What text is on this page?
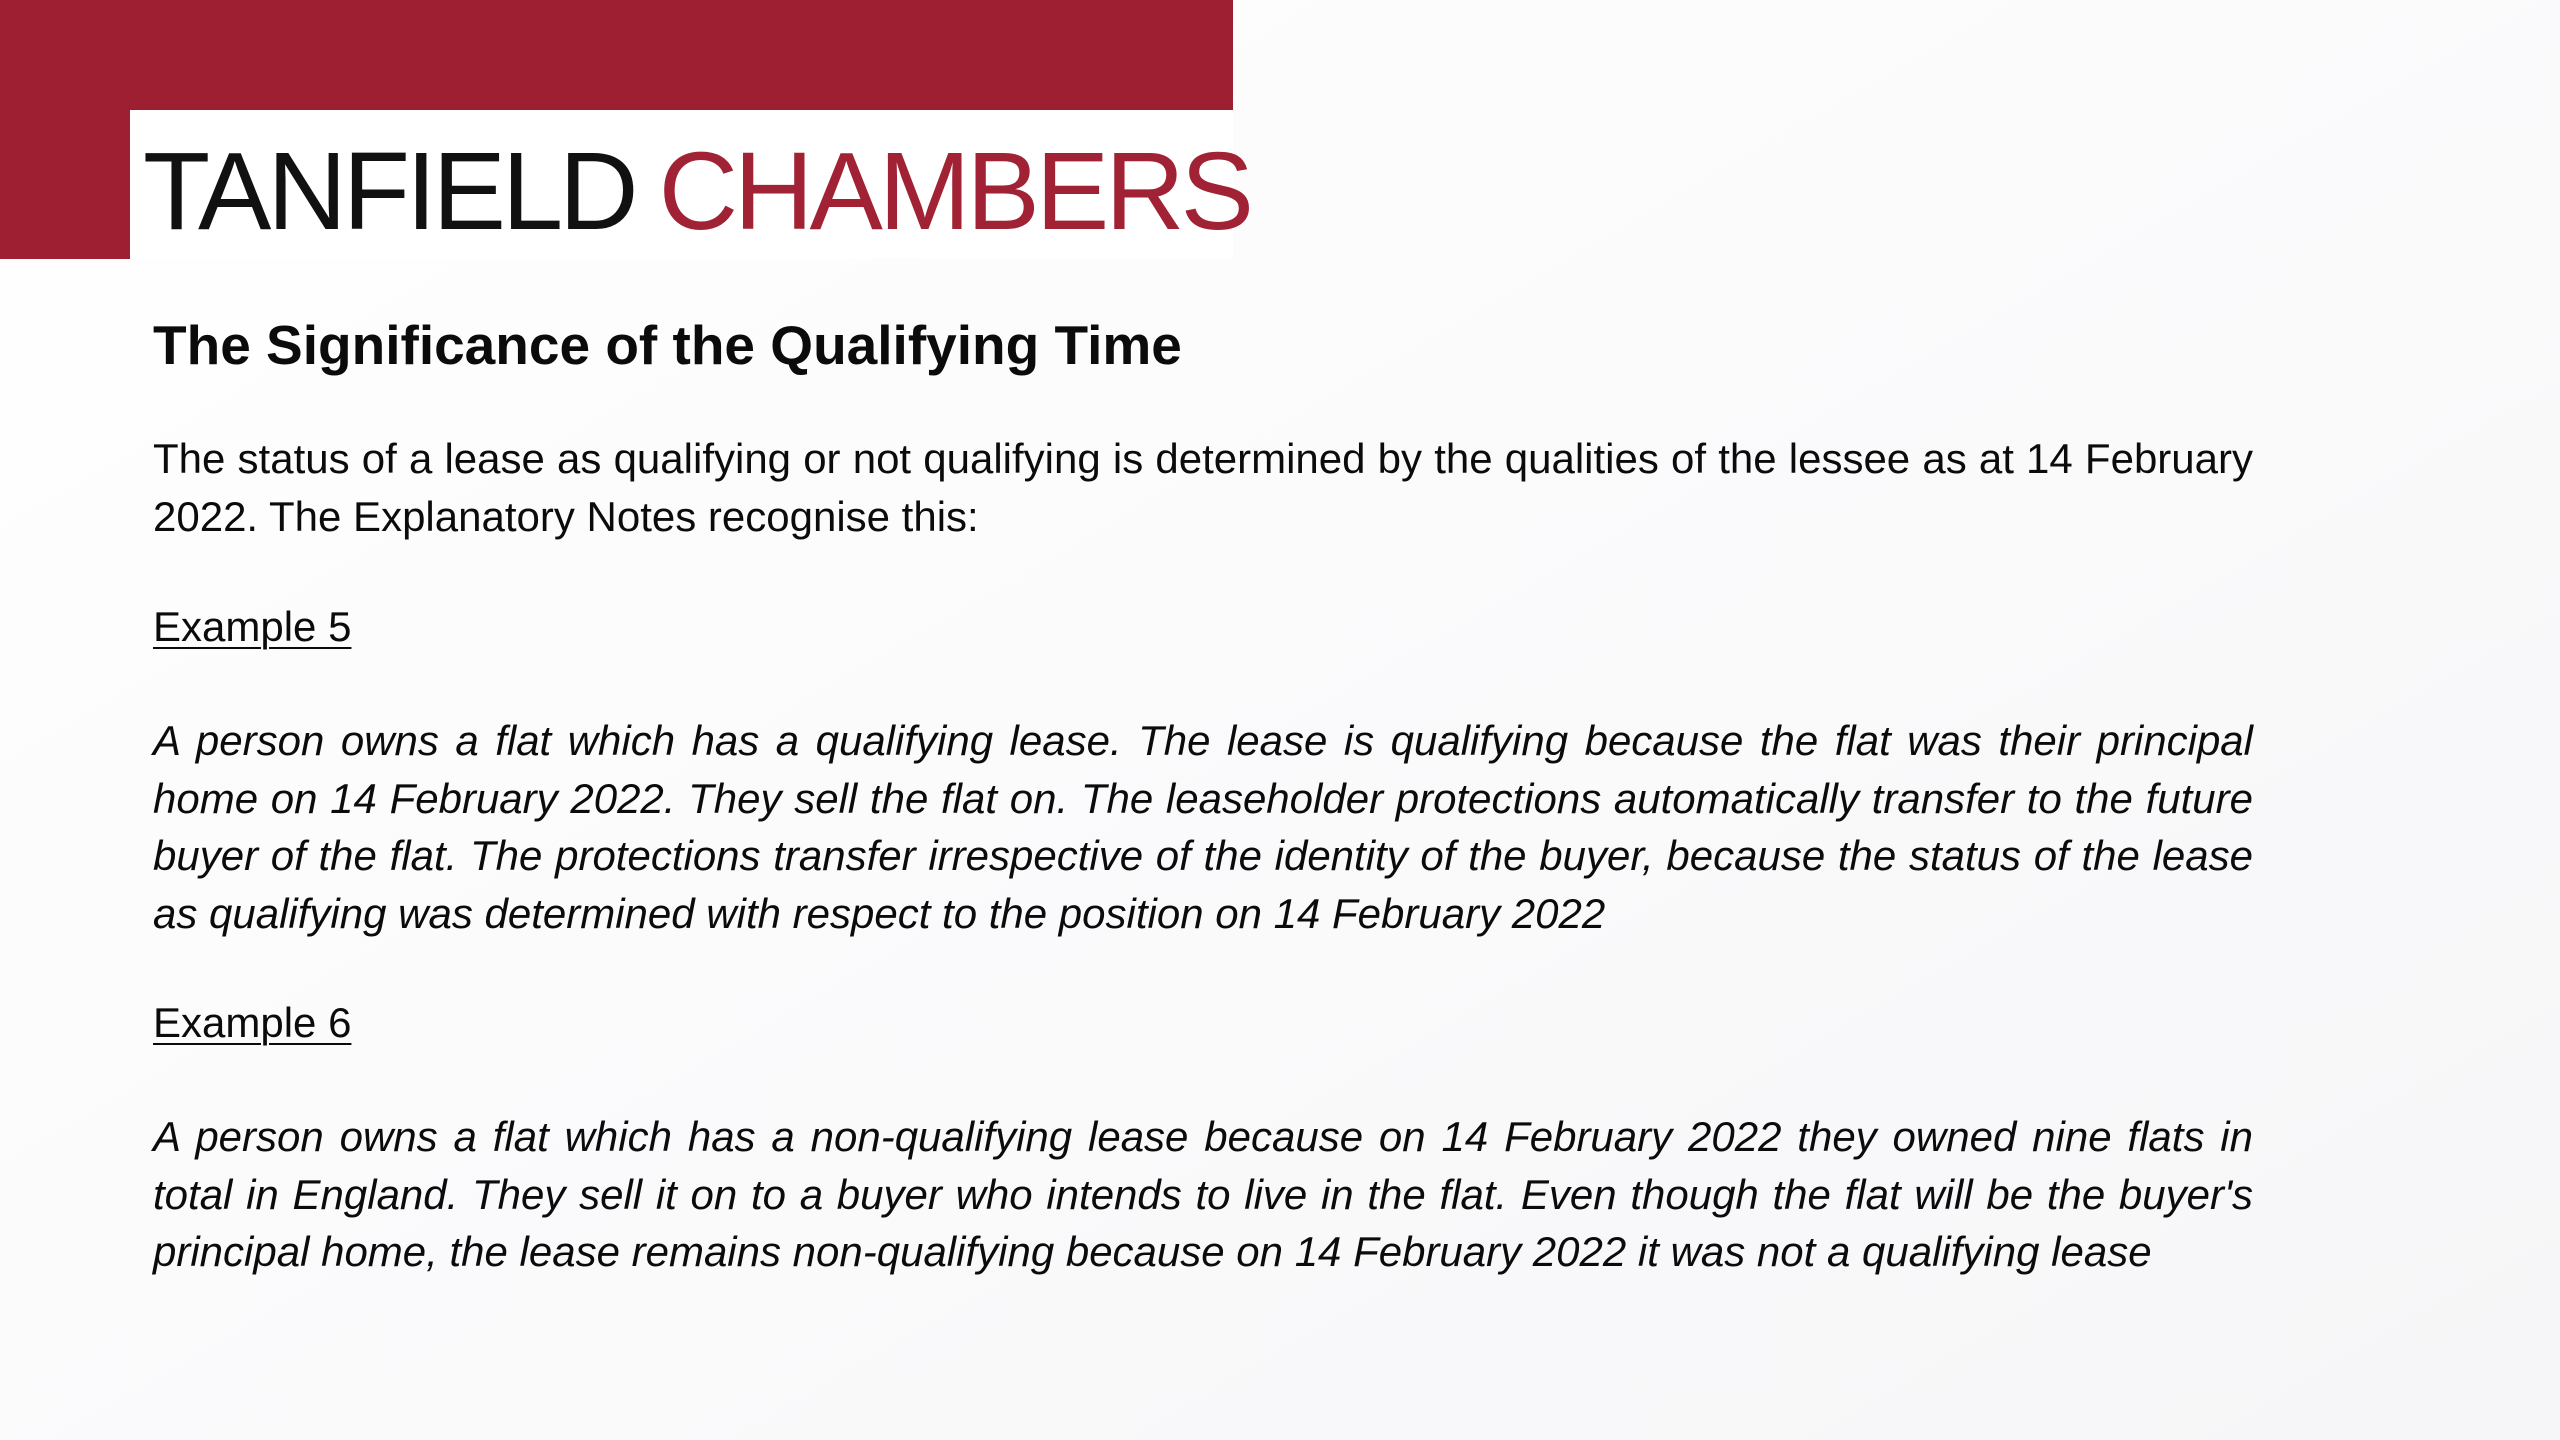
TANFIELD CHAMBERS
The Significance of the Qualifying Time

The status of a lease as qualifying or not qualifying is determined by the qualities of the lessee as at 14 February 2022. The Explanatory Notes recognise this:

Example 5

A person owns a flat which has a qualifying lease. The lease is qualifying because the flat was their principal home on 14 February 2022. They sell the flat on. The leaseholder protections automatically transfer to the future buyer of the flat. The protections transfer irrespective of the identity of the buyer, because the status of the lease as qualifying was determined with respect to the position on 14 February 2022

Example 6

A person owns a flat which has a non-qualifying lease because on 14 February 2022 they owned nine flats in total in England. They sell it on to a buyer who intends to live in the flat. Even though the flat will be the buyer's principal home, the lease remains non-qualifying because on 14 February 2022 it was not a qualifying lease
